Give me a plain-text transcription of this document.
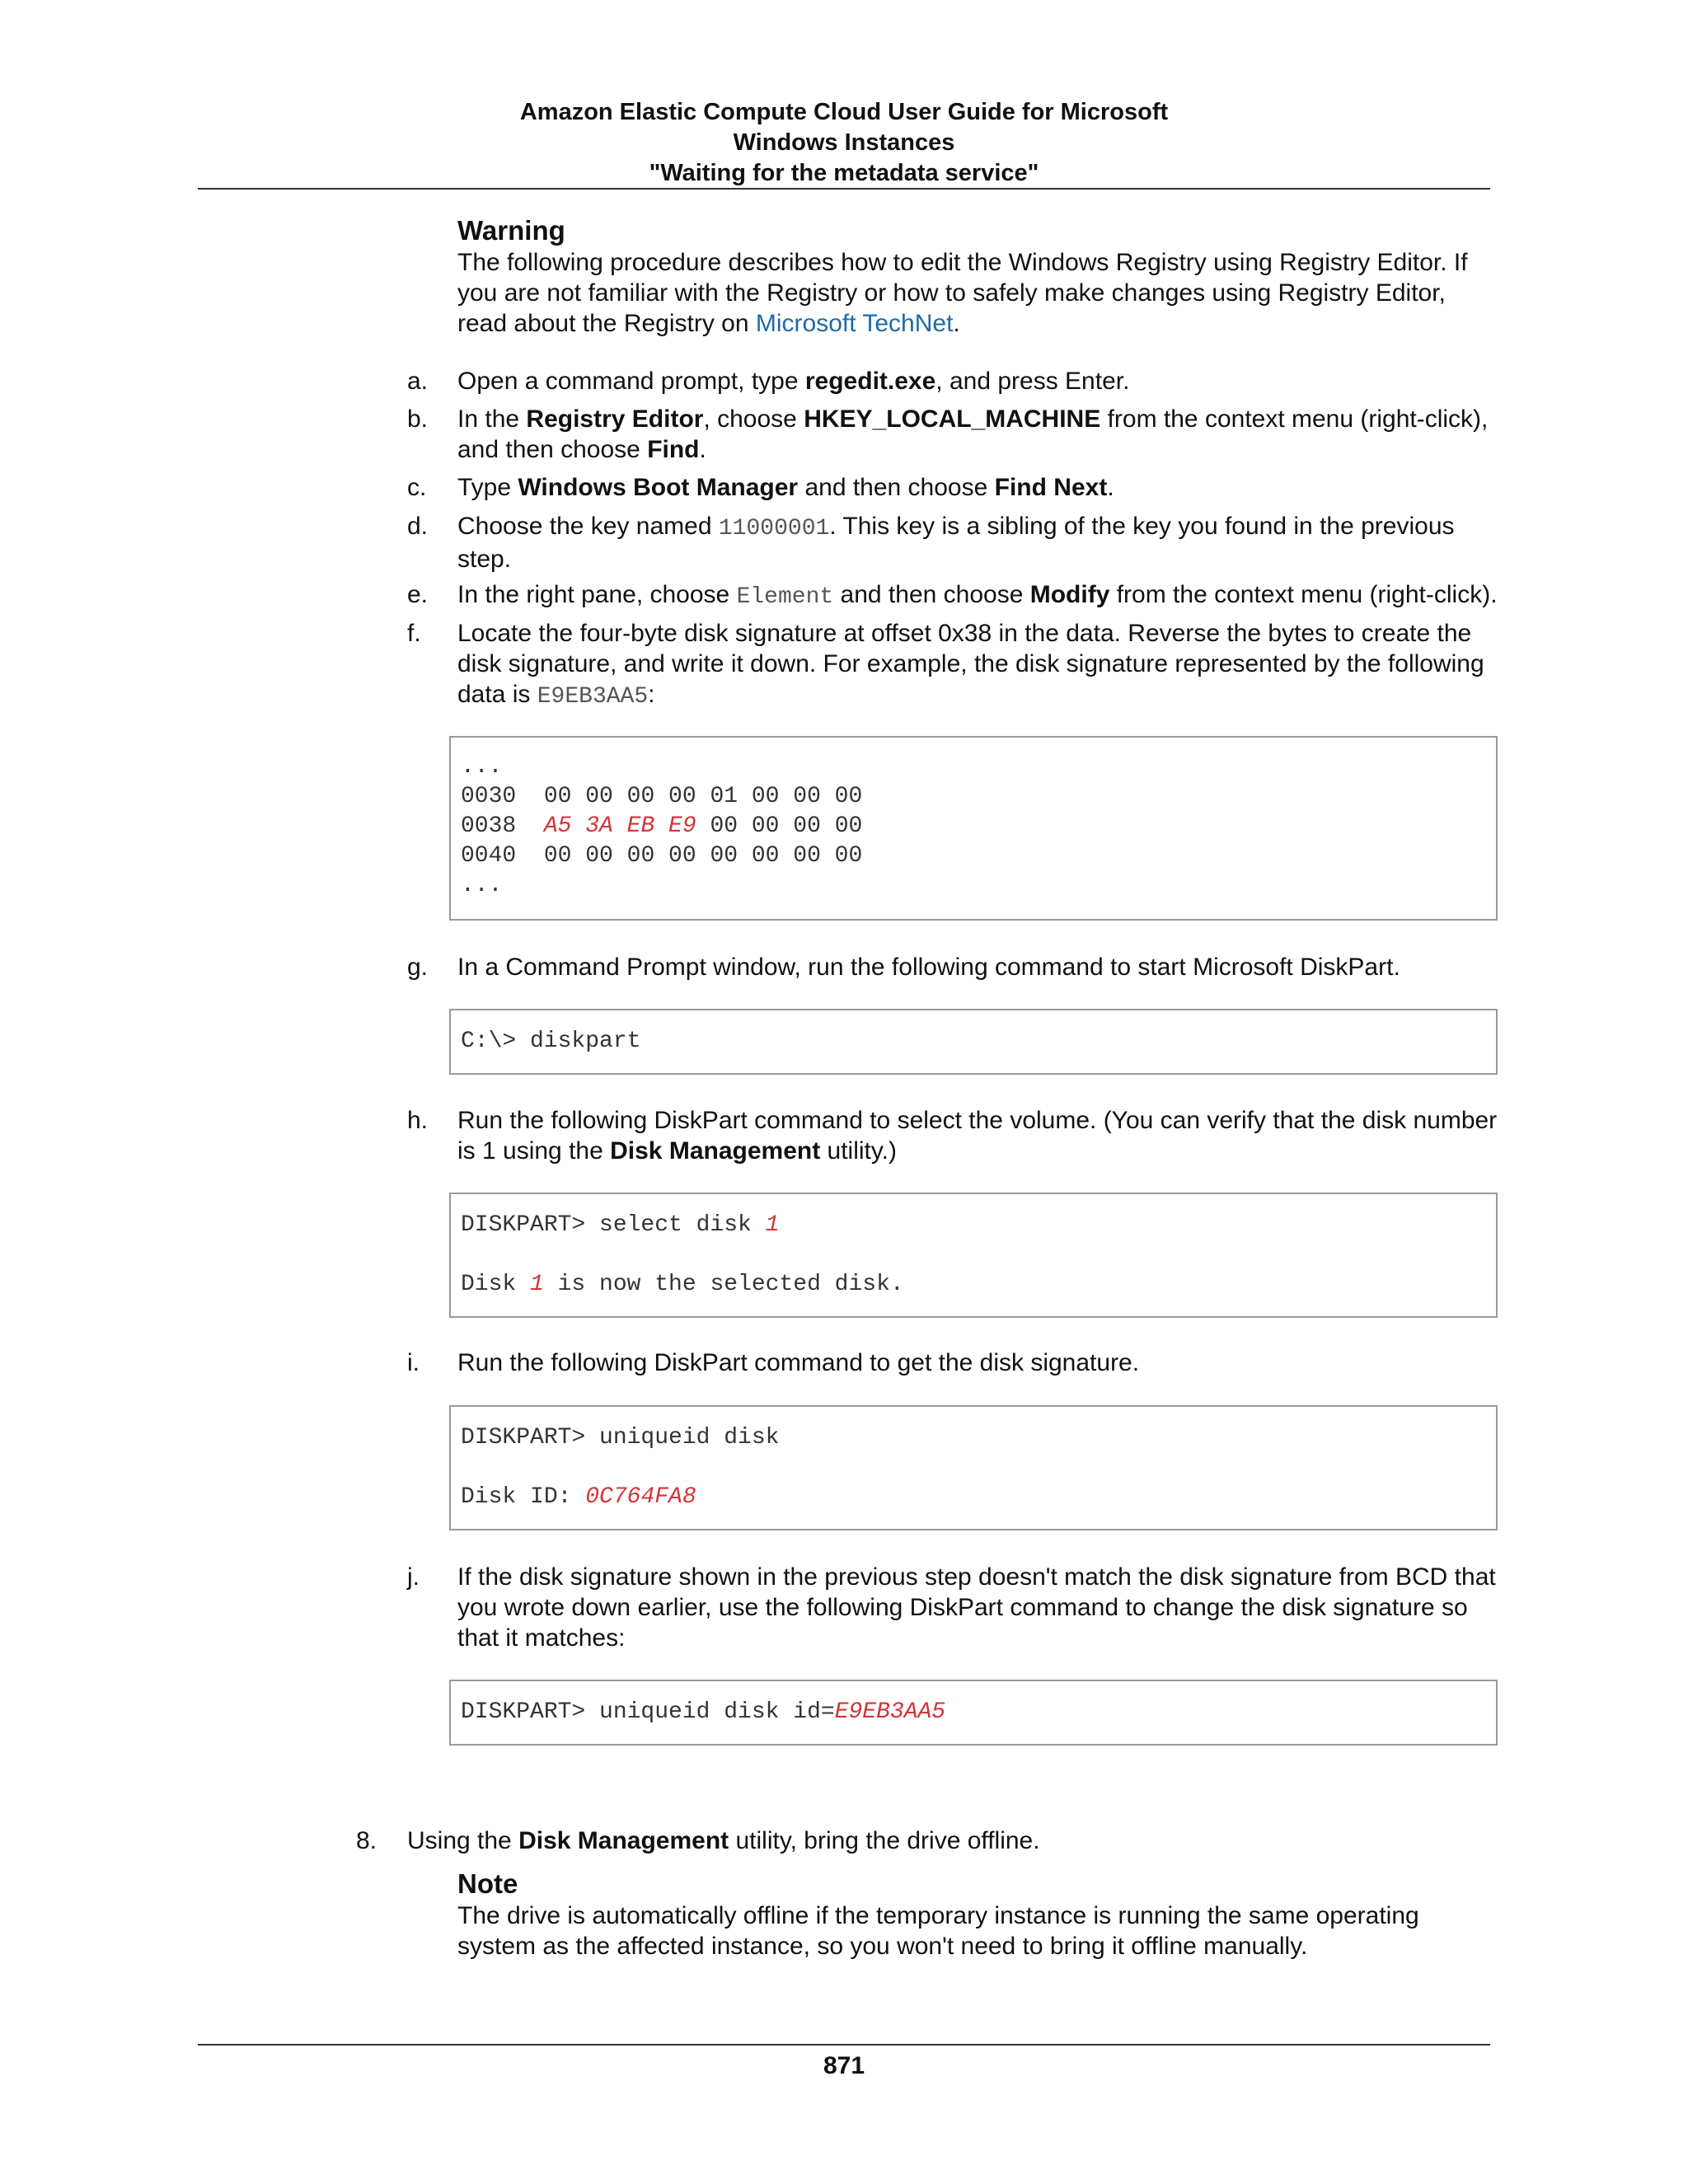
Amazon Elastic Compute Cloud User Guide for Microsoft
Windows Instances
"Waiting for the metadata service"
Warning
The following procedure describes how to edit the Windows Registry using Registry Editor. If you are not familiar with the Registry or how to safely make changes using Registry Editor, read about the Registry on Microsoft TechNet.
a. Open a command prompt, type regedit.exe, and press Enter.
b. In the Registry Editor, choose HKEY_LOCAL_MACHINE from the context menu (right-click), and then choose Find.
c. Type Windows Boot Manager and then choose Find Next.
d. Choose the key named 11000001. This key is a sibling of the key you found in the previous step.
e. In the right pane, choose Element and then choose Modify from the context menu (right-click).
f. Locate the four-byte disk signature at offset 0x38 in the data. Reverse the bytes to create the disk signature, and write it down. For example, the disk signature represented by the following data is E9EB3AA5:
...
0030 00 00 00 00 01 00 00 00
0038 A5 3A EB E9 00 00 00 00
0040 00 00 00 00 00 00 00 00
...
g. In a Command Prompt window, run the following command to start Microsoft DiskPart.
C:\> diskpart
h. Run the following DiskPart command to select the volume. (You can verify that the disk number is 1 using the Disk Management utility.)
DISKPART> select disk 1
Disk 1 is now the selected disk.
i. Run the following DiskPart command to get the disk signature.
DISKPART> uniqueid disk
Disk ID: 0C764FA8
j. If the disk signature shown in the previous step doesn't match the disk signature from BCD that you wrote down earlier, use the following DiskPart command to change the disk signature so that it matches:
DISKPART> uniqueid disk id=E9EB3AA5
8. Using the Disk Management utility, bring the drive offline.
Note
The drive is automatically offline if the temporary instance is running the same operating system as the affected instance, so you won't need to bring it offline manually.
871
